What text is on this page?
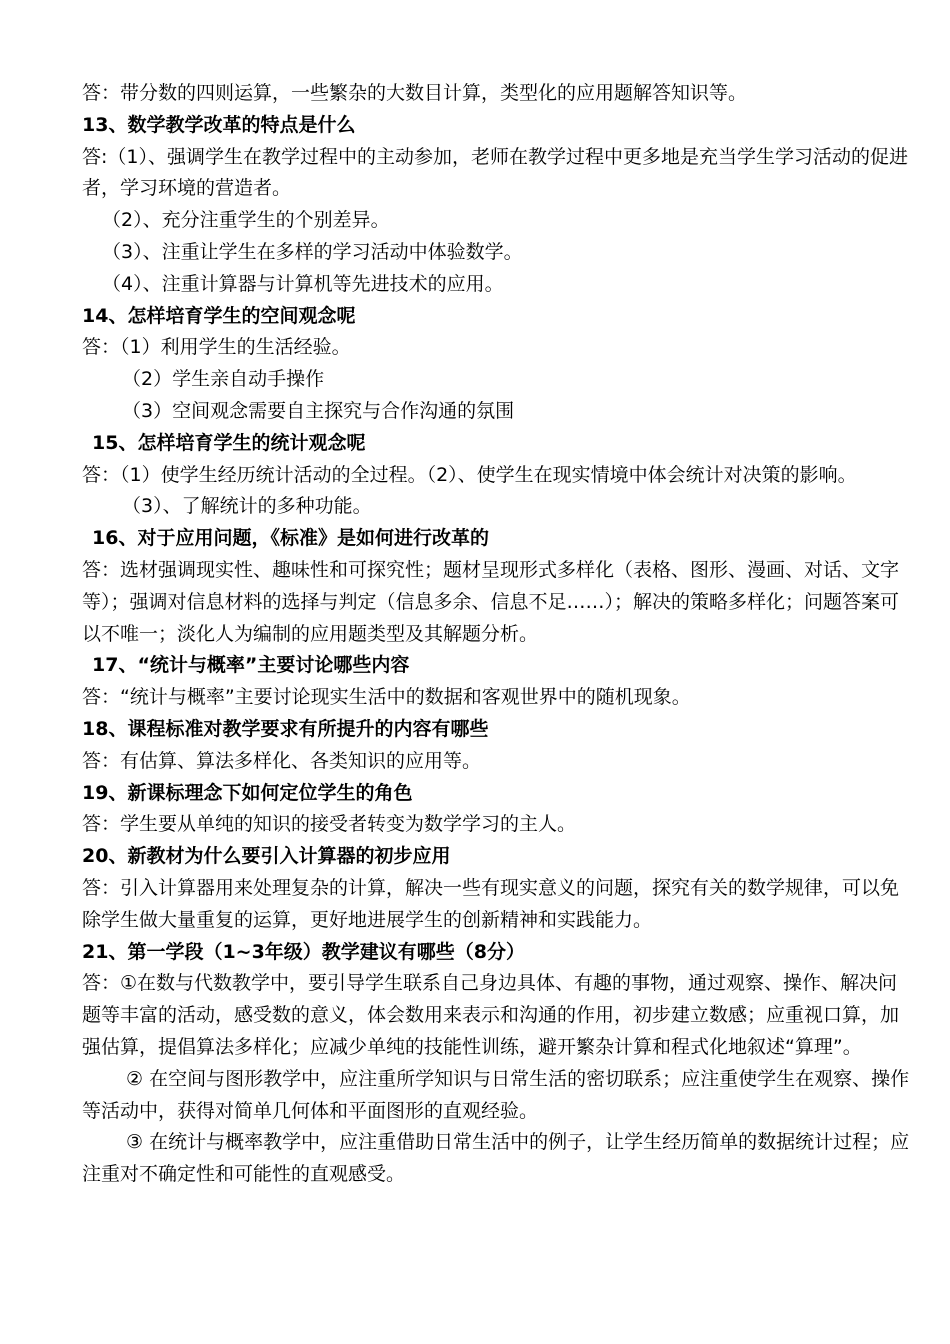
答：带分数的四则运算，一些繁杂的大数目计算，类型化的应用题解答知识等。
13、数学教学改革的特点是什么
答:（1）、强调学生在教学过程中的主动参加，老师在教学过程中更多地是充当学生学习活动的促进者，学习环境的营造者。
（2）、充分注重学生的个别差异。
（3）、注重让学生在多样的学习活动中体验数学。
（4）、注重计算器与计算机等先进技术的应用。
14、怎样培育学生的空间观念呢
答：（1）利用学生的生活经验。
（2）学生亲自动手操作
（3）空间观念需要自主探究与合作沟通的氛围
15、怎样培育学生的统计观念呢
答：（1）使学生经历统计活动的全过程。（2）、使学生在现实情境中体会统计对决策的影响。
（3）、了解统计的多种功能。
16、对于应用问题，《标准》是如何进行改革的
答：选材强调现实性、趣味性和可探究性；题材呈现形式多样化（表格、图形、漫画、对话、文字等）；强调对信息材料的选择与判定（信息多余、信息不足……）；解决的策略多样化；问题答案可以不唯一；淡化人为编制的应用题类型及其解题分析。
17、“统计与概率”主要讨论哪些内容
答：“统计与概率”主要讨论现实生活中的数据和客观世界中的随机现象。
18、课程标准对教学要求有所提升的内容有哪些
答：有估算、算法多样化、各类知识的应用等。
19、新课标理念下如何定位学生的角色
答：学生要从单纯的知识的接受者转变为数学学习的主人。
20、新教材为什么要引入计算器的初步应用
答：引入计算器用来处理复杂的计算，解决一些有现实意义的问题，探究有关的数学规律，可以免除学生做大量重复的运算，更好地进展学生的创新精神和实践能力。
21、第一学段（1~3年级）教学建议有哪些（8分）
答：①在数与代数教学中，要引导学生联系自己身边具体、有趣的事物，通过观察、操作、解决问题等丰富的活动，感受数的意义，体会数用来表示和沟通的作用，初步建立数感；应重视口算，加强估算，提倡算法多样化；应减少单纯的技能性训练，避开繁杂计算和程式化地叙述“算理”。
② 在空间与图形教学中，应注重所学知识与日常生活的密切联系；应注重使学生在观察、操作等活动中，获得对简单几何体和平面图形的直观经验。
③ 在统计与概率教学中，应注重借助日常生活中的例子，让学生经历简单的数据统计过程；应注重对不确定性和可能性的直观感受。
